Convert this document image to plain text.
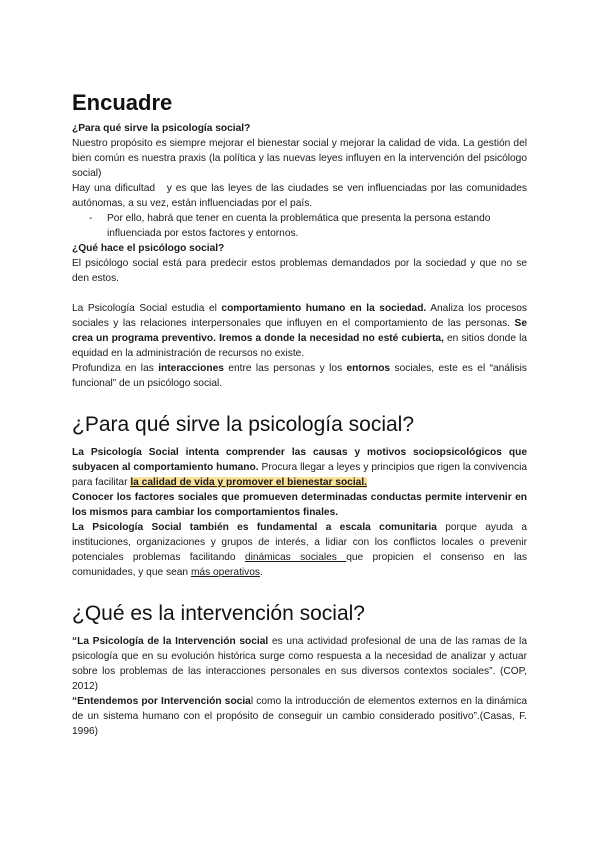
Encuadre

¿Para qué sirve la psicología social?

Nuestro propósito es siempre mejorar el bienestar social y mejorar la calidad de vida. La gestión del bien común es nuestra praxis (la política y las nuevas leyes influyen en la intervención del psicólogo social)

Hay una dificultad   y es que las leyes de las ciudades se ven influenciadas por las comunidades autónomas, a su vez, están influenciadas por el país.

-	Por ello, habrá que tener en cuenta la problemática que presenta la persona estando influenciada por estos factores y entornos.

¿Qué hace el psicólogo social?

El psicólogo social está para predecir estos problemas demandados por la sociedad y que no se den estos.

La Psicología Social estudia el comportamiento humano en la sociedad. Analiza los procesos sociales y las relaciones interpersonales que influyen en el comportamiento de las personas. Se crea un programa preventivo. Iremos a donde la necesidad no esté cubierta, en sitios donde la equidad en la administración de recursos no existe.

Profundiza en las interacciones entre las personas y los entornos sociales, este es el “análisis funcional” de un psicólogo social.

¿Para qué sirve la psicología social?

La Psicología Social intenta comprender las causas y motivos sociopsicológicos que subyacen al comportamiento humano. Procura llegar a leyes y principios que rigen la convivencia para facilitar la calidad de vida y promover el bienestar social.

Conocer los factores sociales que promueven determinadas conductas permite intervenir en los mismos para cambiar los comportamientos finales.

La Psicología Social también es fundamental a escala comunitaria porque ayuda a instituciones, organizaciones y grupos de interés, a lidiar con los conflictos locales o prevenir potenciales problemas facilitando dinámicas sociales que propicien el consenso en las comunidades, y que sean más operativos.

¿Qué es la intervención social?

“La Psicología de la Intervención social es una actividad profesional de una de las ramas de la psicología que en su evolución histórica surge como respuesta a la necesidad de analizar y actuar sobre los problemas de las interacciones personales en sus diversos contextos sociales”. (COP, 2012)

“Entendemos por Intervención social como la introducción de elementos externos en la dinámica de un sistema humano con el propósito de conseguir un cambio considerado positivo”.(Casas, F. 1996)
